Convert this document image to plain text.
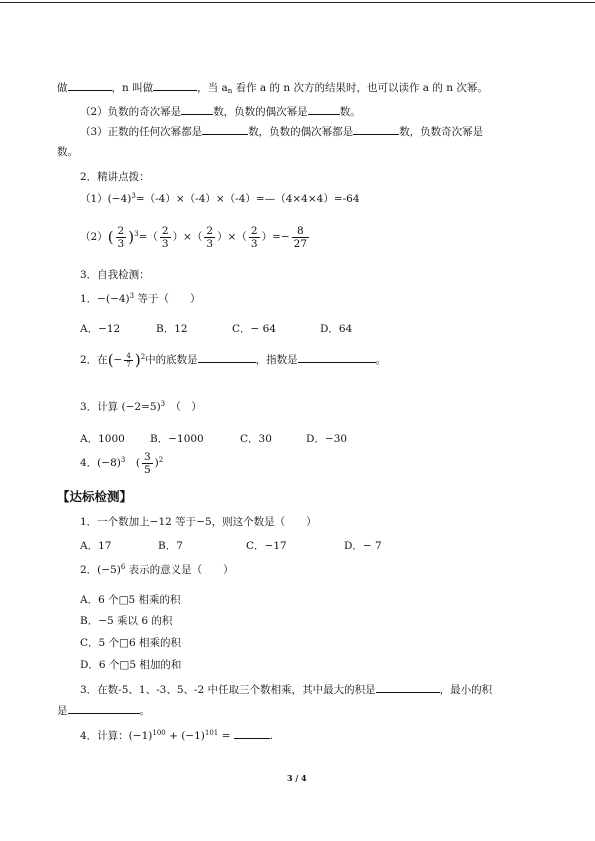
做	，n 叫做	，当 $a_n$ 看作 a 的 n 次方的结果时，也可以读作 a 的 n 次幂。
（2）负数的奇次幂是	数，负数的偶次幂是	数。
（3）正数的任何次幂都是	数，负数的偶次幂都是	数，负数奇次幂是
数。
2．精讲点拨：
$(1)(-4)^3=(-4)\times(-4)\times(-4)=—(4\times 4\times 4)=-64$
$(2)( \frac{2}{3} )^3=( \frac{2}{3}$ ）×（ $\frac{2}{3}$ ）×（ $\frac{2}{3}$ ）=− $\frac{8}{27}$
3．自我检测：
1．$-(-4)^3$ 等于（　　）
A．−12	B．12	C．− 64	D．64
2．在(− $\frac{4}{7} )^2$中的底数是	，指数是	。
3．计算 (−2=5)$^3$　（　）
A．1000 B．−1000	C．30	D．−30
4．$(-8)^3$　( $\frac{3}{5} )^2$
【达标检测】
1．一个数加上−12 等于−5，则这个数是（　　）
A．17	B．7	C．−17	D．− 7
2．$(-5)^6$ 表示的意义是（　　）
A．6 个□5 相乘的积
B．−5 乘以 6 的积
C．5 个□6 相乘的积
D．6 个□5 相加的和
3．在数-5、1、-3、5、-2 中任取三个数相乘，其中最大的积是	，最小的积
是	。
4．计算：$(-1)^{100} + (-1)^{101}$ =	.
3 / 4
